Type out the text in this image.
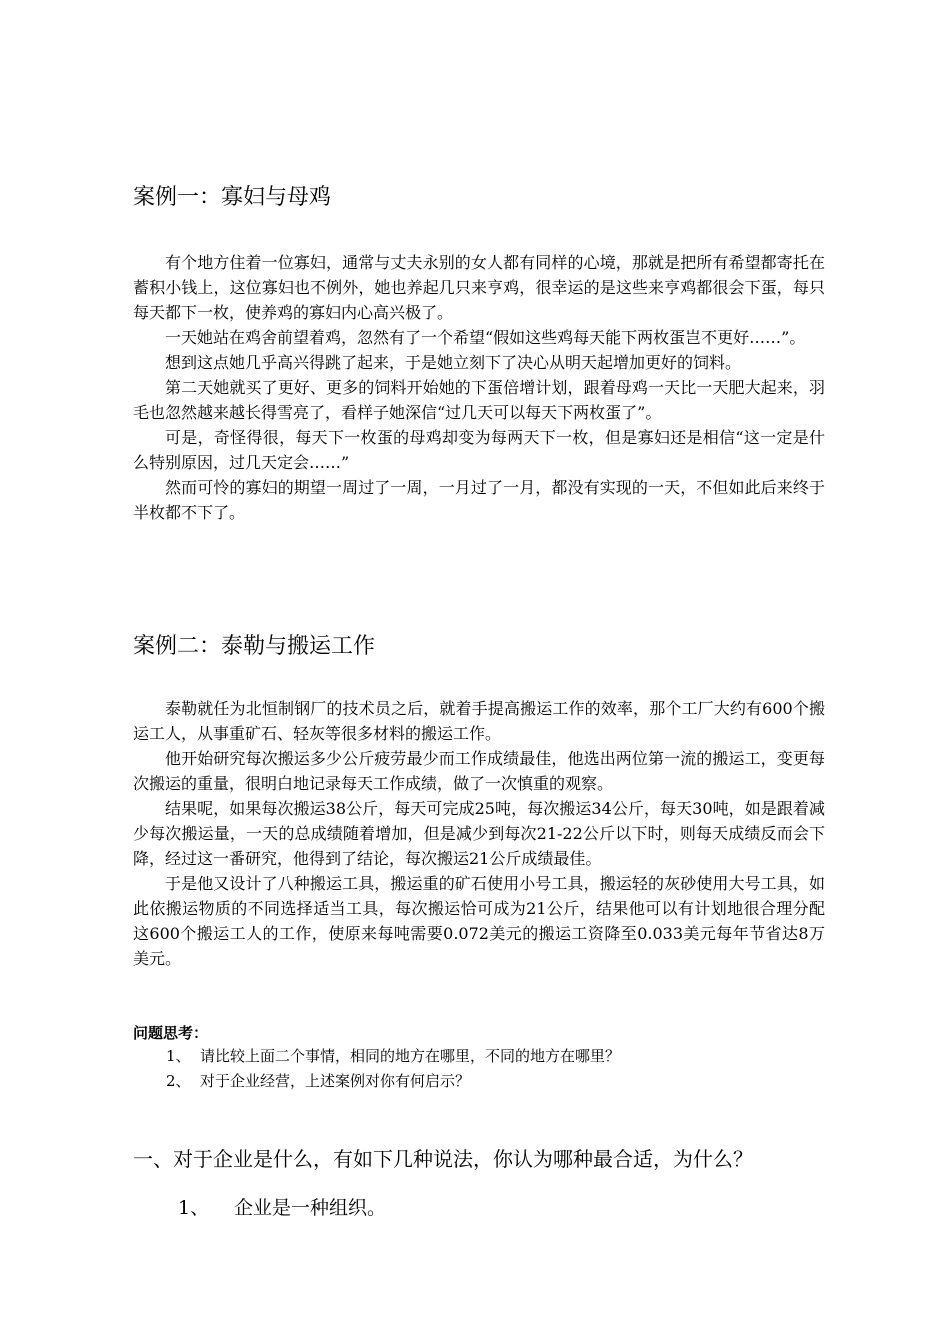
案例一：寡妇与母鸡

有个地方住着一位寡妇，通常与丈夫永别的女人都有同样的心境，那就是把所有希望都寄托在蓄积小钱上，这位寡妇也不例外，她也养起几只来亨鸡，很幸运的是这些来亨鸡都很会下蛋，每只每天都下一枚，使养鸡的寡妇内心高兴极了。

一天她站在鸡舍前望着鸡，忽然有了一个希望“假如这些鸡每天能下两枚蛋岂不更好……”。

想到这点她几乎高兴得跳了起来，于是她立刻下了决心从明天起增加更好的饲料。

第二天她就买了更好、更多的饲料开始她的下蛋倍增计划，跟着母鸡一天比一天肥大起来，羽毛也忽然越来越长得雪亮了，看样子她深信“过几天可以每天下两枚蛋了”。

可是，奇怪得很，每天下一枚蛋的母鸡却变为每两天下一枚，但是寡妇还是相信“这一定是什么特别原因，过几天定会……”

然而可怜的寡妇的期望一周过了一周，一月过了一月，都没有实现的一天，不但如此后来终于半枚都不下了。

案例二：泰勒与搬运工作

泰勒就任为北恒制钢厂的技术员之后，就着手提高搬运工作的效率，那个工厂大约有600个搬运工人，从事重矿石、轻灰等很多材料的搬运工作。

他开始研究每次搬运多少公斤疲劳最少而工作成绩最佳，他选出两位第一流的搬运工，变更每次搬运的重量，很明白地记录每天工作成绩，做了一次慎重的观察。

结果呢，如果每次搬运38公斤，每天可完成25吨，每次搬运34公斤，每天30吨，如是跟着减少每次搬运量，一天的总成绩随着增加，但是减少到每次21-22公斤以下时，则每天成绩反而会下降，经过这一番研究，他得到了结论，每次搬运21公斤成绩最佳。

于是他又设计了八种搬运工具，搬运重的矿石使用小号工具，搬运轻的灰砂使用大号工具，如此依搬运物质的不同选择适当工具，每次搬运恰可成为21公斤，结果他可以有计划地很合理分配这600个搬运工人的工作，使原来每吨需要0.072美元的搬运工资降至0.033美元每年节省达8万美元。

问题思考：
1、 请比较上面二个事情，相同的地方在哪里，不同的地方在哪里？
2、 对于企业经营，上述案例对你有何启示？
一、对于企业是什么，有如下几种说法，你认为哪种最合适，为什么？
1、 企业是一种组织。
